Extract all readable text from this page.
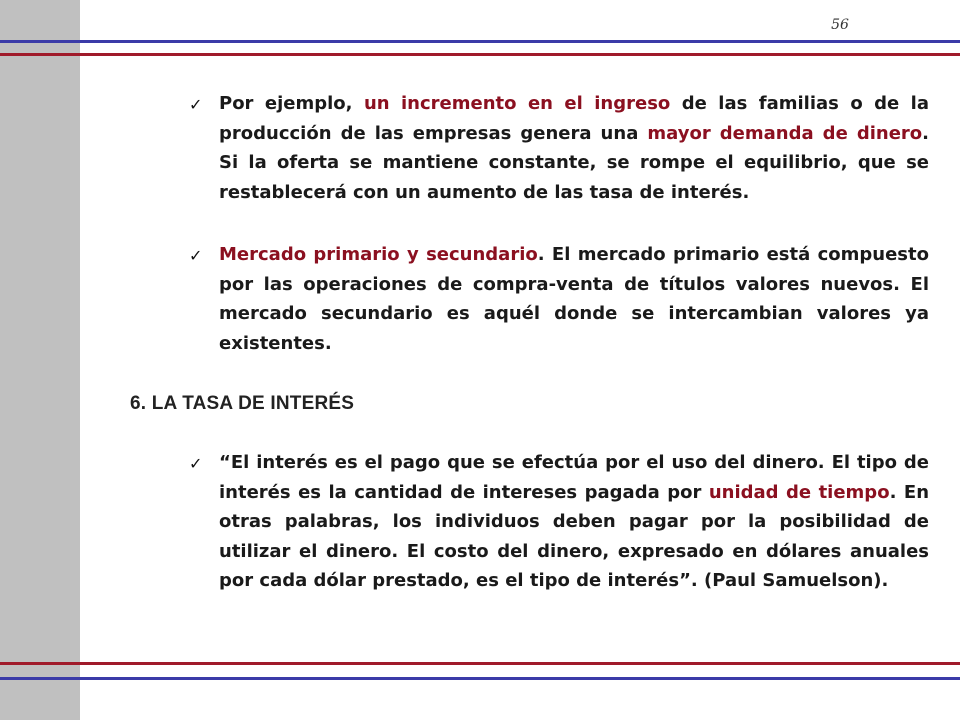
56
✓ Por ejemplo, un incremento en el ingreso de las familias o de la producción de las empresas genera una mayor demanda de dinero. Si la oferta se mantiene constante, se rompe el equilibrio, que se restablecerá con un aumento de las tasa de interés.
✓ Mercado primario y secundario. El mercado primario está compuesto por las operaciones de compra-venta de títulos valores nuevos. El mercado secundario es aquél donde se intercambian valores ya existentes.
6. LA TASA DE INTERÉS
✓ “El interés es el pago que se efectúa por el uso del dinero. El tipo de interés es la cantidad de intereses pagada por unidad de tiempo. En otras palabras, los individuos deben pagar por la posibilidad de utilizar el dinero. El costo del dinero, expresado en dólares anuales por cada dólar prestado, es el tipo de interés”. (Paul Samuelson).
